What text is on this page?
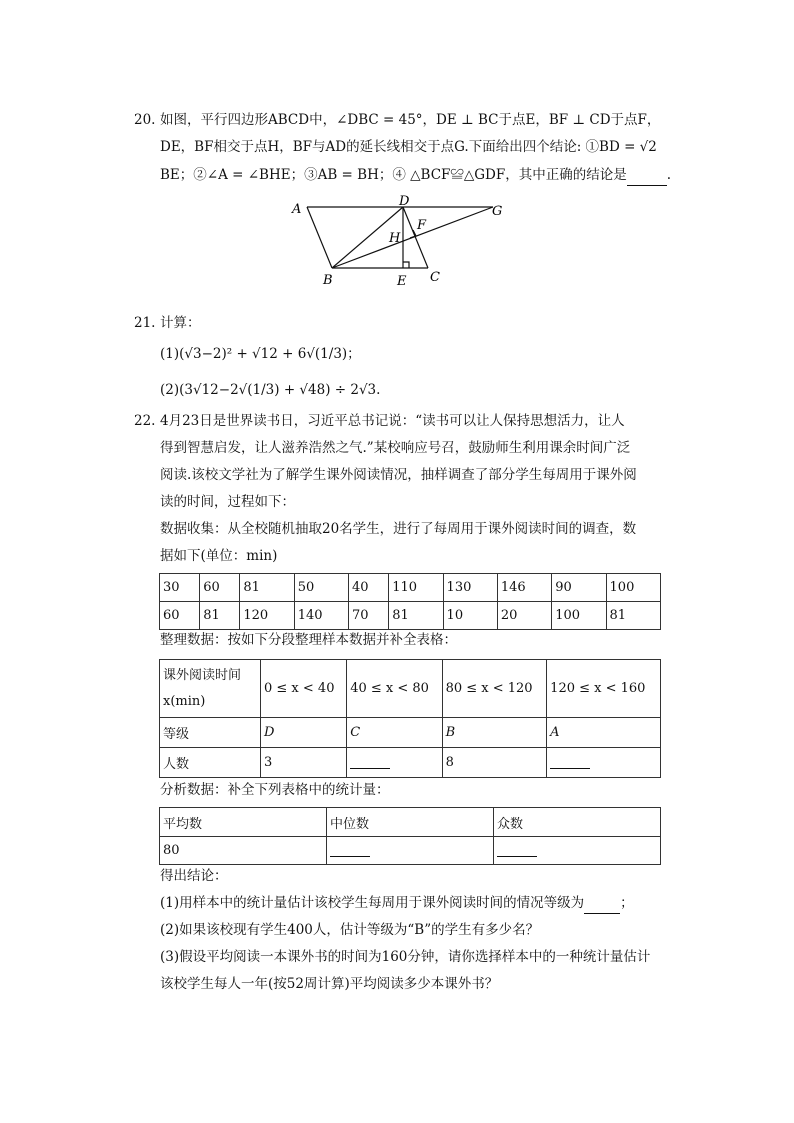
20. 如图，平行四边形ABCD中，∠DBC = 45°，DE ⊥ BC于点E，BF ⊥ CD于点F，
DE，BF相交于点H，BF与AD的延长线相交于点G.下面给出四个结论: ①BD = √2
BE；②∠A = ∠BHE；③AB = BH；④ △BCF≌△GDF，其中正确的结论是	.
A
D
G
H
F
B	E C
21. 计算：
(1)(√3−2)² + √12 + 6√(1/3)；
(2)(3√12−2√(1/3) + √48) ÷ 2√3.
22. 4月23日是世界读书日，习近平总书记说：“读书可以让人保持思想活力，让人
得到智慧启发，让人滋养浩然之气.”某校响应号召，鼓励师生利用课余时间广泛
阅读.该校文学社为了解学生课外阅读情况，抽样调查了部分学生每周用于课外阅
读的时间，过程如下：
数据收集：从全校随机抽取20名学生，进行了每周用于课外阅读时间的调查，数
据如下(单位：min)
30	60	81	50	40	110	130	146	90	100
60	81	120	140	70	81	10	20	100	81
整理数据：按如下分段整理样本数据并补全表格：
课外阅读时间x(min)	0 ≤ x < 40	40 ≤ x < 80	80 ≤ x < 120	120 ≤ x < 160
等级	D	C	B	A
人数	3		8	
分析数据：补全下列表格中的统计量：
平均数	中位数	众数
80		
得出结论：
(1)用样本中的统计量估计该校学生每周用于课外阅读时间的情况等级为	；
(2)如果该校现有学生400人，估计等级为“B”的学生有多少名？
(3)假设平均阅读一本课外书的时间为160分钟，请你选择样本中的一种统计量估计
该校学生每人一年(按52周计算)平均阅读多少本课外书？
